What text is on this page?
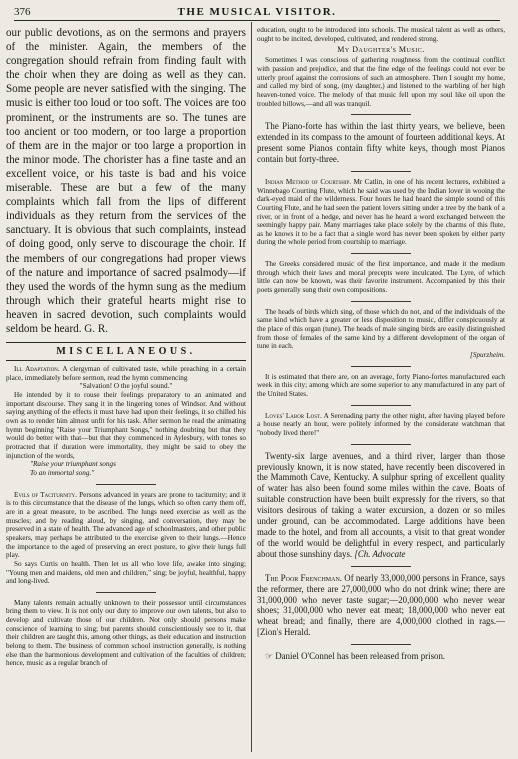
376	THE MUSICAL VISITOR.

our public devotions, as on the sermons and prayers of the minister. Again, the members of the congregation should refrain from finding fault with the choir when they are doing as well as they can. Some people are never satisfied with the singing. The music is either too loud or too soft. The voices are too prominent, or the instruments are so. The tunes are too ancient or too modern, or too large a proportion of them are in the major or too large a proportion in the minor mode. The chorister has a fine taste and an excellent voice, or his taste is bad and his voice miserable. These are but a few of the many complaints which fall from the lips of different individuals as they return from the services of the sanctuary. It is obvious that such complaints, instead of doing good, only serve to discourage the choir. If the members of our congregations had proper views of the nature and importance of sacred psalmody—if they used the words of the hymn sung as the medium through which their grateful hearts might rise to heaven in sacred devotion, such complaints would seldom be heard. G. R.

MISCELLANEOUS.

Ill Adaptation. A clergyman of cultivated taste, while preaching in a certain place, immediately before sermon, read the hymn commencing

"Salvation! O the joyful sound."

He intended by it to rouse their feelings preparatory to an animated and important discourse. They sang it in the lingering tones of Windsor. And without saying anything of the effects it must have had upon their feelings, it so chilled his own as to render him almost unfit for his task. After sermon he read the animating hymn beginning "Raise your Triumphant Songs," nothing doubting but that they would do better with that—but that they commenced in Aylesbury, with tones so protracted that if duration were immortality, they might be said to obey the injunction of the words,

"Raise your triumphant songs

To an immortal song."

Evils of Taciturnity. Persons advanced in years are prone to taciturnity; and it is to this circumstance that the disease of the lungs, which so often carry them off, are in a great measure, to be ascribed. The lungs need exercise as well as the muscles; and by reading aloud, by singing, and conversation, they may be preserved in a state of health. The advanced age of schoolmasters, and other public speakers, may perhaps be attributed to the exercise given to their lungs.—Hence the importance to the aged of preserving an erect posture, to give their lungs full play.

So says Curtis on health. Then let us all who love life, awake into singing; "Young men and maidens, old men and children," sing; be joyful, healthful, happy and long-lived.

Many talents remain actually unknown to their possessor until circumstances bring them to view. It is not only our duty to improve our own talents, but also to develop and cultivate those of our children. Not only should persons make conscience of learning to sing; but parents should conscientiously see to it, that their children are taught this, among other things, as their education and instruction belong to them. The business of common school instruction generally, is nothing else than the harmonious development and cultivation of the faculties of children; hence, music as a regular branch of

education, ought to be introduced into schools. The musical talent as well as others, ought to be incited, developed, cultivated, and rendered strong.

My Daughter's Music.

Sometimes I was conscious of gathering roughness from the continual conflict with passion and prejudice, and that the fine edge of the feelings could not ever be utterly proof against the corrosions of such an atmosphere. Then I sought my home, and called my bird of song, (my daughter,) and listened to the warbling of her high heaven-toned voice. The melody of that music fell upon my soul like oil upon the troubled billows,—and all was tranquil.

The Piano-forte has within the last thirty years, we believe, been extended in its compass to the amount of fourteen additional keys. At present some Pianos contain fifty white keys, though most Pianos contain but forty-three.

Indian Method of Courtship. Mr Catlin, in one of his recent lectures, exhibited a Winnebago Courting Flute, which he said was used by the Indian lover in wooing the dark-eyed maid of the wilderness. Four hours he had heard the simple sound of this Courting Flute, and he had seen the patient lovers sitting under a tree by the bank of a river, or in front of a hedge, and never has he heard a word exchanged between the seemingly happy pair. Many marriages take place solely by the charms of this flute, as he knows it to be a fact that a single word has never been spoken by either party during the whole period from courtship to marriage.

The Greeks considered music of the first importance, and made it the medium through which their laws and moral precepts were inculcated. The Lyre, of which little can now be known, was their favorite instrument. Accompanied by this their poets generally sung their own compositions.

The heads of birds which sing, of those which do not, and of the individuals of the same kind which have a greater or less disposition to music, differ conspicuously at the place of this organ (tune). The heads of male singing birds are easily distinguished from those of females of the same kind by a different development of the organ of tune in each.

[Spurzheim.

It is estimated that there are, on an average, forty Piano-fortes manufactured each week in this city; among which are some superior to any manufactured in any part of the United States.

Loves' Labor Lost. A Serenading party the other night, after having played before a house nearly an hour, were politely informed by the considerate watchman that "nobody lived there!"

Twenty-six large avenues, and a third river, larger than those previously known, it is now stated, have recently been discovered in the Mammoth Cave, Kentucky. A sulphur spring of excellent quality of water has also been found some miles within the cave. Boats of suitable construction have been built expressly for the rivers, so that visitors desirous of taking a water excursion, a dozen or so miles under ground, can be accommodated. Large additions have been made to the hotel, and from all accounts, a visit to that great wonder of the world would be delightful in every respect, and particularly about those sunshiny days. [Ch. Advocate

The Poor Frenchman. Of nearly 33,000,000 persons in France, says the reformer, there are 27,000,000 who do not drink wine; there are 31,000,000 who never taste sugar;—20,000,000 who never wear shoes; 31,000,000 who never eat meat; 18,000,000 who never eat wheat bread; and finally, there are 4,000,000 clothed in rags.—[Zion's Herald.

☞ Daniel O'Connel has been released from prison.
